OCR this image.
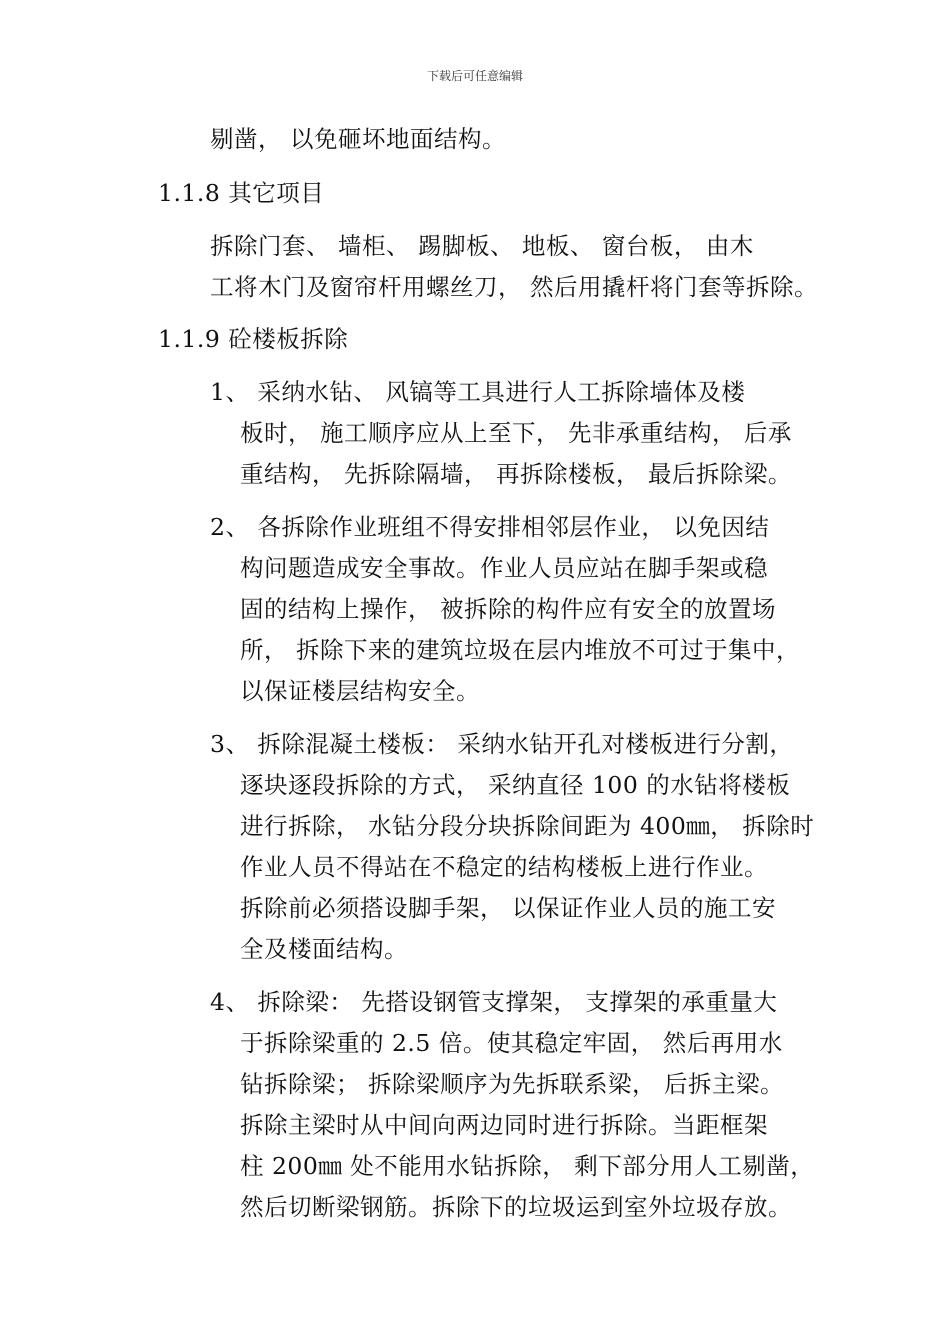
下载后可任意编辑
剔凿， 以免砸坏地面结构。
1.1.8 其它项目
拆除门套、 墙柜、 踢脚板、 地板、 窗台板， 由木
工将木门及窗帘杆用螺丝刀， 然后用撬杆将门套等拆除。
1.1.9 砼楼板拆除
1、 采纳水钻、 风镐等工具进行人工拆除墙体及楼
板时， 施工顺序应从上至下， 先非承重结构， 后承
重结构， 先拆除隔墙， 再拆除楼板， 最后拆除梁。
2、 各拆除作业班组不得安排相邻层作业， 以免因结
构问题造成安全事故。作业人员应站在脚手架或稳
固的结构上操作， 被拆除的构件应有安全的放置场
所， 拆除下来的建筑垃圾在层内堆放不可过于集中，
以保证楼层结构安全。
3、 拆除混凝土楼板： 采纳水钻开孔对楼板进行分割，
逐块逐段拆除的方式， 采纳直径 100 的水钻将楼板
进行拆除， 水钻分段分块拆除间距为 400㎜， 拆除时
作业人员不得站在不稳定的结构楼板上进行作业。
拆除前必须搭设脚手架， 以保证作业人员的施工安
全及楼面结构。
4、 拆除梁： 先搭设钢管支撑架， 支撑架的承重量大
于拆除梁重的 2.5 倍。使其稳定牢固， 然后再用水
钻拆除梁； 拆除梁顺序为先拆联系梁， 后拆主梁。
拆除主梁时从中间向两边同时进行拆除。当距框架
柱 200㎜ 处不能用水钻拆除， 剩下部分用人工剔凿，
然后切断梁钢筋。拆除下的垃圾运到室外垃圾存放。
